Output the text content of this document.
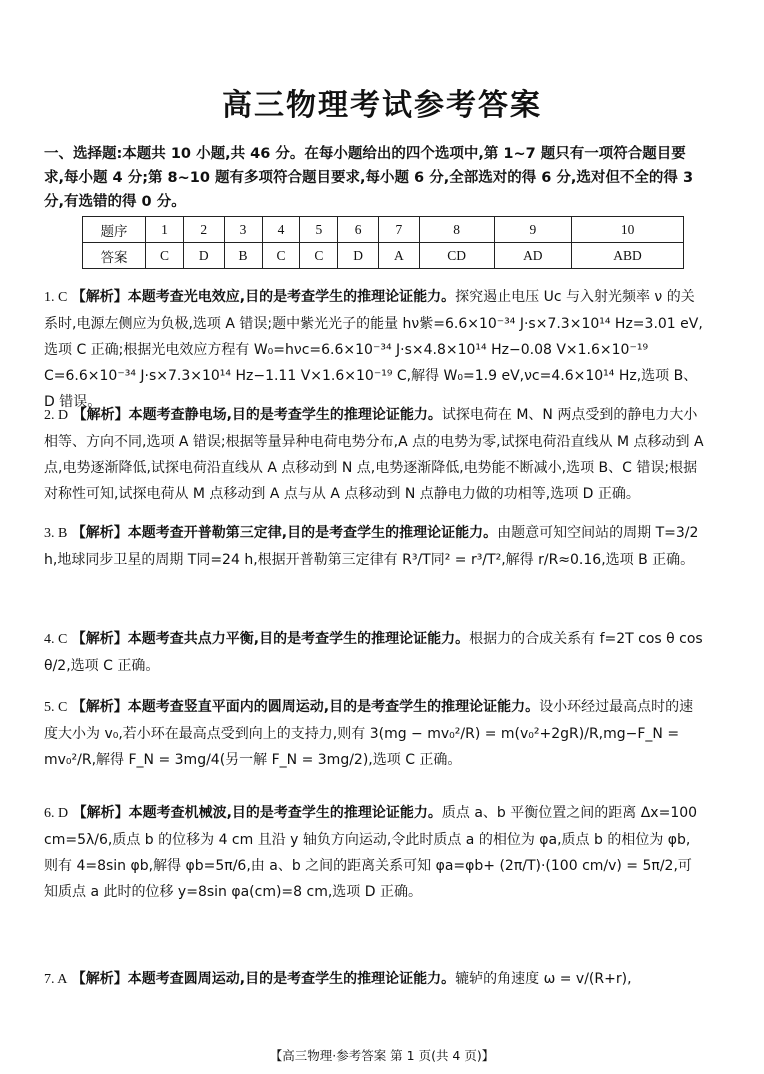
高三物理考试参考答案
一、选择题:本题共 10 小题,共 46 分。在每小题给出的四个选项中,第 1~7 题只有一项符合题目要求,每小题 4 分;第 8~10 题有多项符合题目要求,每小题 6 分,全部选对的得 6 分,选对但不全的得 3 分,有选错的得 0 分。
题序	1	2	3	4	5	6	7	8	9	10
答案	C	D	B	C	C	D	A	CD	AD	ABD
1. C 【解析】本题考查光电效应,目的是考查学生的推理论证能力。探究遏止电压 Uc 与入射光频率 ν 的关系时,电源左侧应为负极,选项 A 错误;题中紫光光子的能量 hν紫=6.6×10⁻³⁴ J·s×7.3×10¹⁴ Hz=3.01 eV,选项 C 正确;根据光电效应方程有 W₀=hνc=6.6×10⁻³⁴ J·s×4.8×10¹⁴ Hz−0.08 V×1.6×10⁻¹⁹ C=6.6×10⁻³⁴ J·s×7.3×10¹⁴ Hz−1.11 V×1.6×10⁻¹⁹ C,解得 W₀=1.9 eV,νc=4.6×10¹⁴ Hz,选项 B、D 错误。
2. D 【解析】本题考查静电场,目的是考查学生的推理论证能力。试探电荷在 M、N 两点受到的静电力大小相等、方向不同,选项 A 错误;根据等量异种电荷电势分布,A 点的电势为零,试探电荷沿直线从 M 点移动到 A 点,电势逐渐降低,试探电荷沿直线从 A 点移动到 N 点,电势逐渐降低,电势能不断减小,选项 B、C 错误;根据对称性可知,试探电荷从 M 点移动到 A 点与从 A 点移动到 N 点静电力做的功相等,选项 D 正确。
3. B 【解析】本题考查开普勒第三定律,目的是考查学生的推理论证能力。由题意可知空间站的周期 T=3/2 h,地球同步卫星的周期 T同=24 h,根据开普勒第三定律有 R³/T同² = r³/T²,解得 r/R≈0.16,选项 B 正确。
4. C 【解析】本题考查共点力平衡,目的是考查学生的推理论证能力。根据力的合成关系有 f=2T cos θ cos θ/2,选项 C 正确。
5. C 【解析】本题考查竖直平面内的圆周运动,目的是考查学生的推理论证能力。设小环经过最高点时的速度大小为 v₀,若小环在最高点受到向上的支持力,则有 3(mg − mv₀²/R) = m(v₀²+2gR)/R,mg−F_N = mv₀²/R,解得 F_N = 3mg/4(另一解 F_N = 3mg/2),选项 C 正确。
6. D 【解析】本题考查机械波,目的是考查学生的推理论证能力。质点 a、b 平衡位置之间的距离 Δx=100 cm=5λ/6,质点 b 的位移为 4 cm 且沿 y 轴负方向运动,令此时质点 a 的相位为 φa,质点 b 的相位为 φb,则有 4=8sin φb,解得 φb=5π/6,由 a、b 之间的距离关系可知 φa=φb+ (2π/T)·(100 cm/v) = 5π/2,可知质点 a 此时的位移 y=8sin φa(cm)=8 cm,选项 D 正确。
7. A 【解析】本题考查圆周运动,目的是考查学生的推理论证能力。辘轳的角速度 ω = v/(R+r),
【高三物理·参考答案 第 1 页(共 4 页)】
